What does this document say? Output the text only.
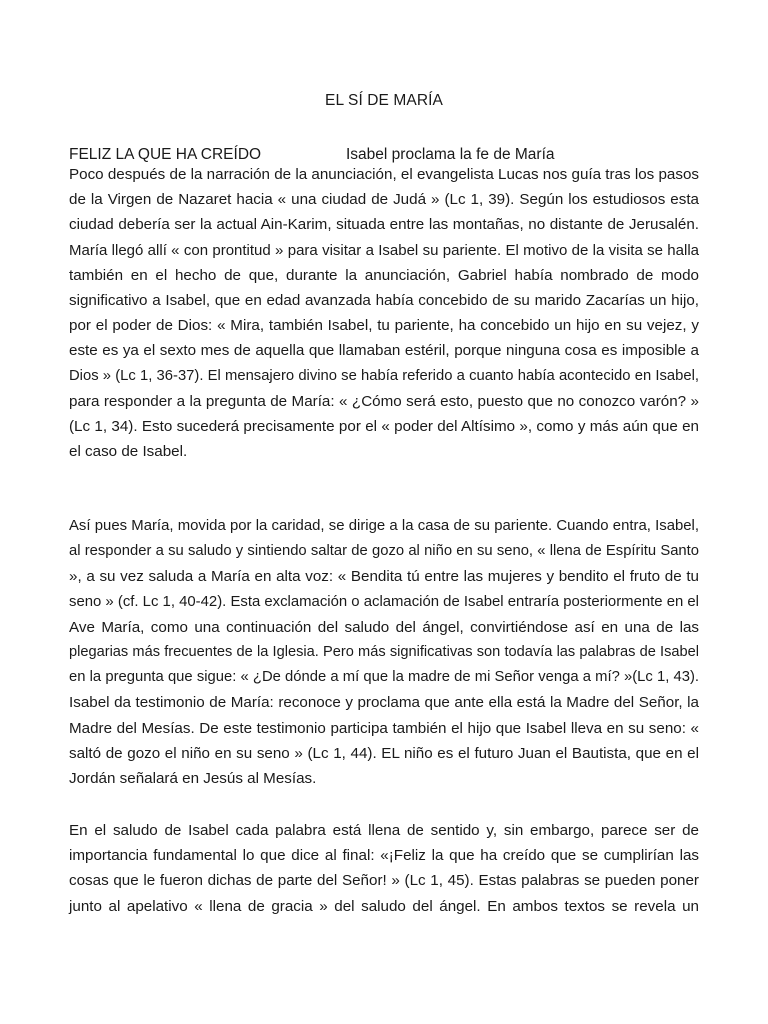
EL SÍ DE MARÍA
FELIZ LA QUE HA CREÍDO	Isabel proclama la fe de María

Poco después de la narración de la anunciación, el evangelista Lucas nos guía tras los pasos
de la Virgen de Nazaret hacia « una ciudad de Judá » (Lc 1, 39). Según los estudiosos esta
ciudad debería ser la actual Ain-Karim, situada entre las montañas, no distante de Jerusalén.
María llegó allí « con prontitud » para visitar a Isabel su pariente. El motivo de la visita se halla
también en el hecho de que, durante la anunciación, Gabriel había nombrado de modo
significativo a Isabel, que en edad avanzada había concebido de su marido Zacarías un hijo,
por el poder de Dios: « Mira, también Isabel, tu pariente, ha concebido un hijo en su vejez, y
este es ya el sexto mes de aquella que llamaban estéril, porque ninguna cosa es imposible a
Dios » (Lc 1, 36-37). El mensajero divino se había referido a cuanto había acontecido en Isabel,
para responder a la pregunta de María: « ¿Cómo será esto, puesto que no conozco varón? »
(Lc 1, 34). Esto sucederá precisamente por el « poder del Altísimo », como y más aún que en
el caso de Isabel.

Así pues María, movida por la caridad, se dirige a la casa de su pariente. Cuando entra, Isabel,
al responder a su saludo y sintiendo saltar de gozo al niño en su seno, « llena de Espíritu Santo
», a su vez saluda a María en alta voz: « Bendita tú entre las mujeres y bendito el fruto de tu
seno » (cf. Lc 1, 40-42). Esta exclamación o aclamación de Isabel entraría posteriormente en el
Ave María, como una continuación del saludo del ángel, convirtiéndose así en una de las
plegarias más frecuentes de la Iglesia. Pero más significativas son todavía las palabras de Isabel
en la pregunta que sigue: « ¿De dónde a mí que la madre de mi Señor venga a mí? »(Lc 1, 43).
Isabel da testimonio de María: reconoce y proclama que ante ella está la Madre del Señor, la
Madre del Mesías. De este testimonio participa también el hijo que Isabel lleva en su seno: «
saltó de gozo el niño en su seno » (Lc 1, 44). EL niño es el futuro Juan el Bautista, que en el
Jordán señalará en Jesús al Mesías.

En el saludo de Isabel cada palabra está llena de sentido y, sin embargo, parece ser de
importancia fundamental lo que dice al final: «¡Feliz la que ha creído que se cumplirían las
cosas que le fueron dichas de parte del Señor! » (Lc 1, 45). Estas palabras se pueden poner
junto al apelativo « llena de gracia » del saludo del ángel. En ambos textos se revela un
